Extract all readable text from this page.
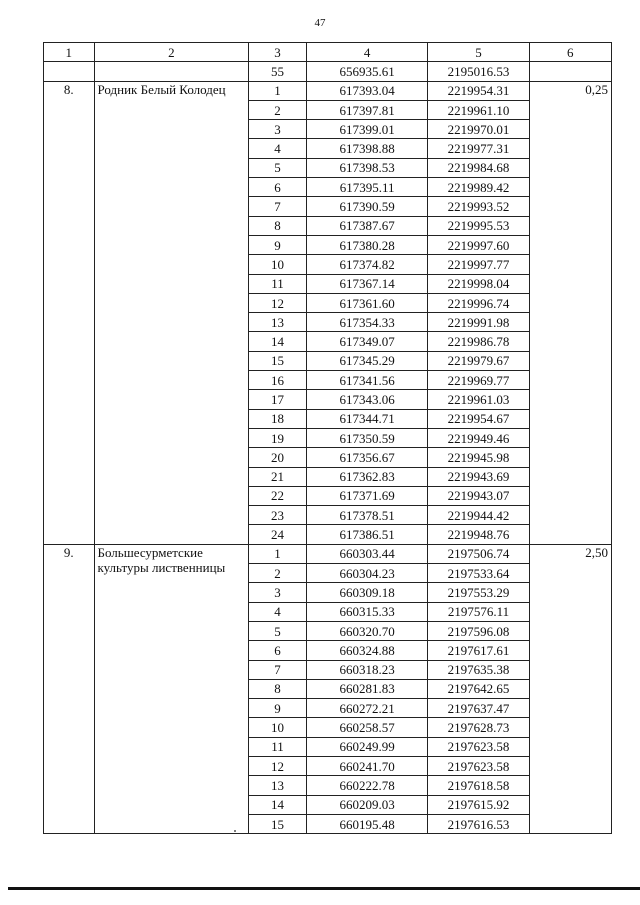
47
1	2	3	4	5	6
		55	656935.61	2195016.53	
8.	Родник Белый Колодец	1	617393.04	2219954.31	0,25
		2	617397.81	2219961.10	
		3	617399.01	2219970.01	
		4	617398.88	2219977.31	
		5	617398.53	2219984.68	
		6	617395.11	2219989.42	
		7	617390.59	2219993.52	
		8	617387.67	2219995.53	
		9	617380.28	2219997.60	
		10	617374.82	2219997.77	
		11	617367.14	2219998.04	
		12	617361.60	2219996.74	
		13	617354.33	2219991.98	
		14	617349.07	2219986.78	
		15	617345.29	2219979.67	
		16	617341.56	2219969.77	
		17	617343.06	2219961.03	
		18	617344.71	2219954.67	
		19	617350.59	2219949.46	
		20	617356.67	2219945.98	
		21	617362.83	2219943.69	
		22	617371.69	2219943.07	
		23	617378.51	2219944.42	
		24	617386.51	2219948.76	
9.	Большесурметские культуры лиственницы	1	660303.44	2197506.74	2,50
		2	660304.23	2197533.64	
		3	660309.18	2197553.29	
		4	660315.33	2197576.11	
		5	660320.70	2197596.08	
		6	660324.88	2197617.61	
		7	660318.23	2197635.38	
		8	660281.83	2197642.65	
		9	660272.21	2197637.47	
		10	660258.57	2197628.73	
		11	660249.99	2197623.58	
		12	660241.70	2197623.58	
		13	660222.78	2197618.58	
		14	660209.03	2197615.92	
		15	660195.48	2197616.53	
